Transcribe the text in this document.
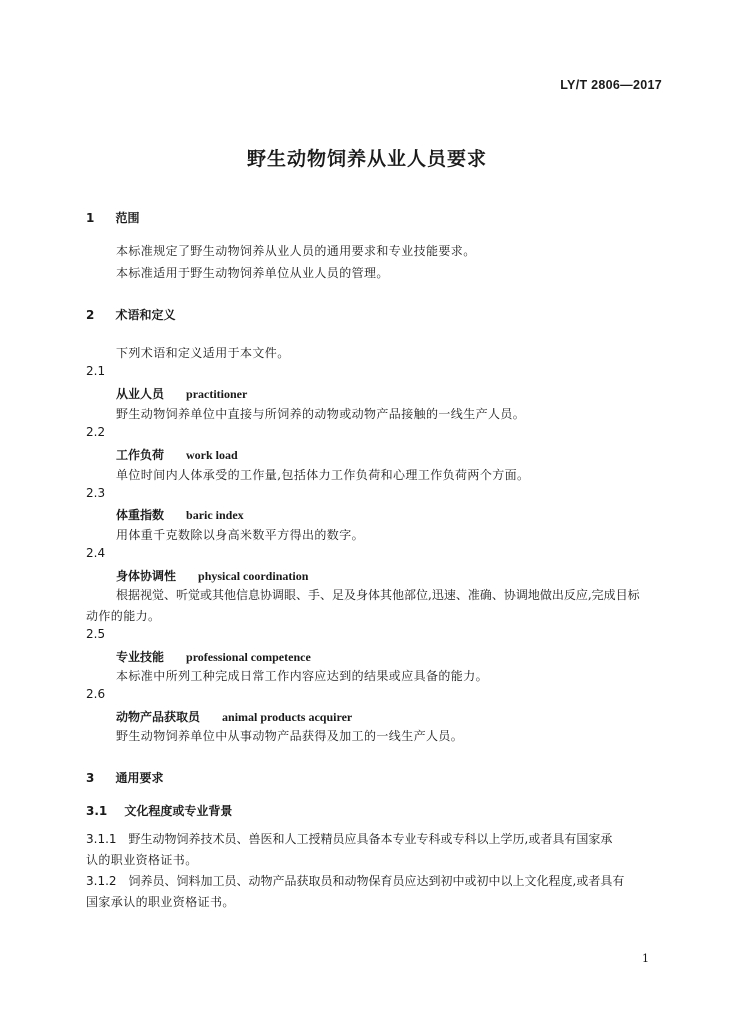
LY/T 2806—2017
野生动物饲养从业人员要求
1 范围
本标准规定了野生动物饲养从业人员的通用要求和专业技能要求。
本标准适用于野生动物饲养单位从业人员的管理。
2 术语和定义
下列术语和定义适用于本文件。
2.1
从业人员 practitioner
野生动物饲养单位中直接与所饲养的动物或动物产品接触的一线生产人员。
2.2
工作负荷 work load
单位时间内人体承受的工作量,包括体力工作负荷和心理工作负荷两个方面。
2.3
体重指数 baric index
用体重千克数除以身高米数平方得出的数字。
2.4
身体协调性 physical coordination
根据视觉、听觉或其他信息协调眼、手、足及身体其他部位,迅速、准确、协调地做出反应,完成目标
动作的能力。
2.5
专业技能 professional competence
本标准中所列工种完成日常工作内容应达到的结果或应具备的能力。
2.6
动物产品获取员 animal products acquirer
野生动物饲养单位中从事动物产品获得及加工的一线生产人员。
3 通用要求
3.1 文化程度或专业背景
3.1.1 野生动物饲养技术员、兽医和人工授精员应具备本专业专科或专科以上学历,或者具有国家承
认的职业资格证书。
3.1.2 饲养员、饲料加工员、动物产品获取员和动物保育员应达到初中或初中以上文化程度,或者具有
国家承认的职业资格证书。
1
